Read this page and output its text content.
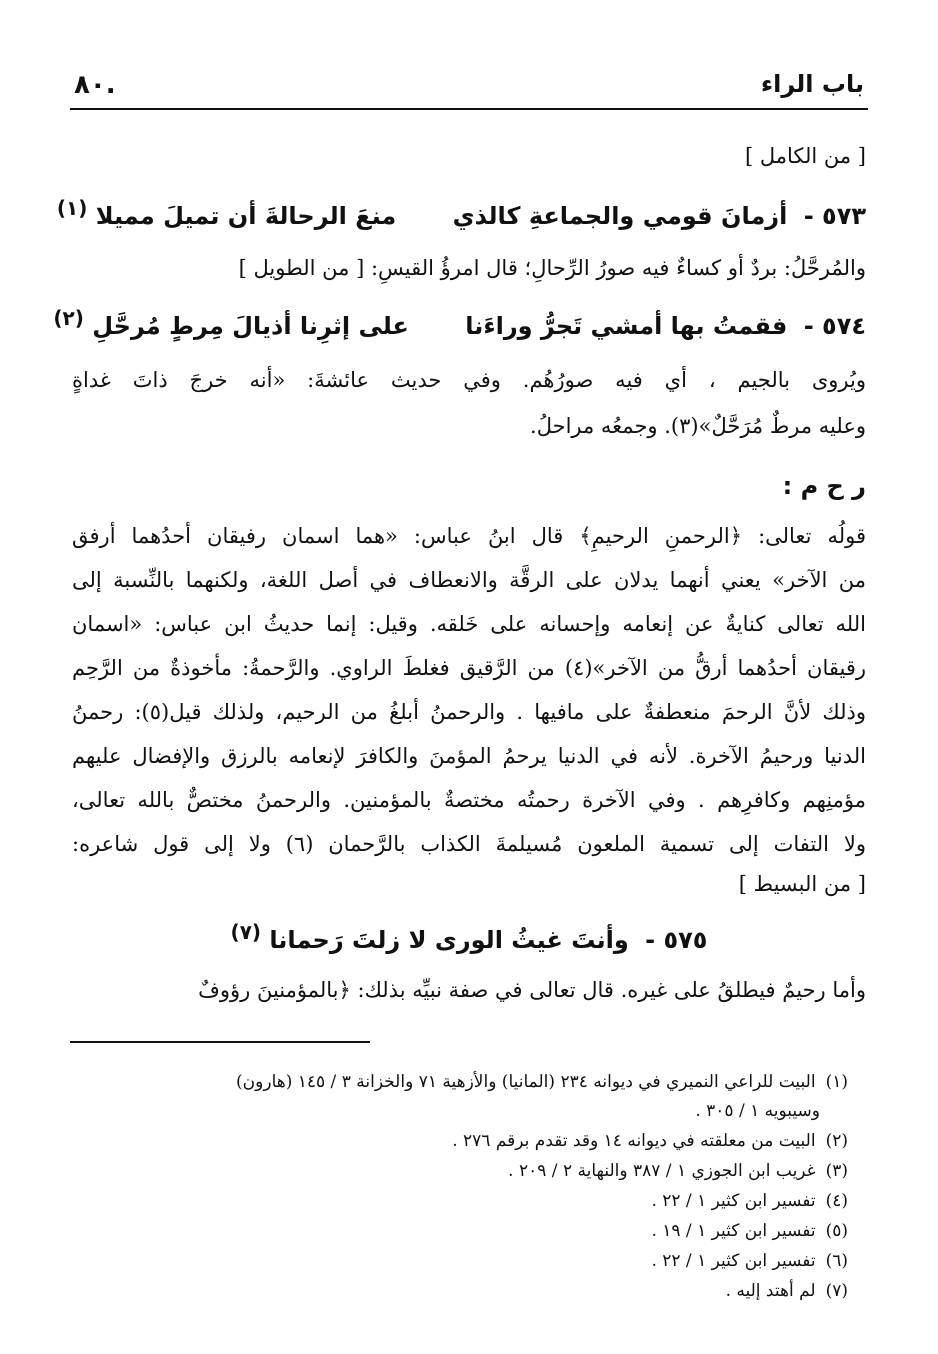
باب الراء
٨٠.
[ من الكامل ]
٥٧٣ - أزمانَ قومي والجماعةِ كالذي منعَ الرحالةَ أن تميلَ مميلا $^{(١)}$
والمُرحَّلُ: بردٌ أو كساءٌ فيه صورُ الرِّحالِ؛ قال امرؤُ القيسِ: [ من الطويل ]
٥٧٤ - فقمتُ بها أمشي تَجرُّ وراءَنا على إثرِنا أذيالَ مِرطٍ مُرحَّلِ $^{(٢)}$
ويُروى بالجيم ، أي فيه صورُهُم. وفي حديث عائشةَ: «أنه خرجَ ذاتَ غداةٍ
وعليه مرطٌ مُرَحَّلٌ»(٣). وجمعُه مراحلُ.
ر ح م :
قولُه تعالى: ﴿الرحمنِ الرحيمِ﴾ قال ابنُ عباس: «هما اسمان رفيقان أحدُهما أرفق
من الآخر» يعني أنهما يدلان على الرقَّة والانعطاف في أصل اللغة، ولكنهما بالنِّسبة إلى
الله تعالى كنايةٌ عن إنعامه وإحسانه على خَلقه. وقيل: إنما حديثُ ابن عباس: «اسمان
رقيقان أحدُهما أرقُّ من الآخر»(٤) من الرَّقيق فغلطَ الراوي. والرَّحمةُ: مأخوذةٌ من الرَّحِم
وذلك لأنَّ الرحمَ منعطفةٌ على مافيها . والرحمنُ أبلغُ من الرحيم، ولذلك قيل(٥): رحمنُ
الدنيا ورحيمُ الآخرة. لأنه في الدنيا يرحمُ المؤمنَ والكافرَ لإنعامه بالرزق والإفضال عليهم
مؤمنِهم وكافرِهم . وفي الآخرة رحمتُه مختصةٌ بالمؤمنين. والرحمنُ مختصٌّ بالله تعالى،
ولا التفات إلى تسمية الملعون مُسيلمةَ الكذاب بالرَّحمان (٦) ولا إلى قول شاعره:
[ من البسيط ]
٥٧٥ - وأنتَ غيثُ الورى لا زلتَ رَحمانا $^{(٧)}$
وأما رحيمٌ فيطلقُ على غيره. قال تعالى في صفة نبيِّه بذلك: ﴿بالمؤمنينَ رؤوفٌ
(١)البيت للراعي النميري في ديوانه ٢٣٤ (المانيا) والأزهية ٧١ والخزانة ٣ / ١٤٥ (هارون)
وسيبويه ١ / ٣٠٥ .
(٢)البيت من معلقته في ديوانه ١٤ وقد تقدم برقم ٢٧٦ .
(٣)غريب ابن الجوزي ١ / ٣٨٧ والنهاية ٢ / ٢٠٩ .
(٤)تفسير ابن كثير ١ / ٢٢ .
(٥)تفسير ابن كثير ١ / ١٩ .
(٦)تفسير ابن كثير ١ / ٢٢ .
(٧)لم أهتد إليه .
